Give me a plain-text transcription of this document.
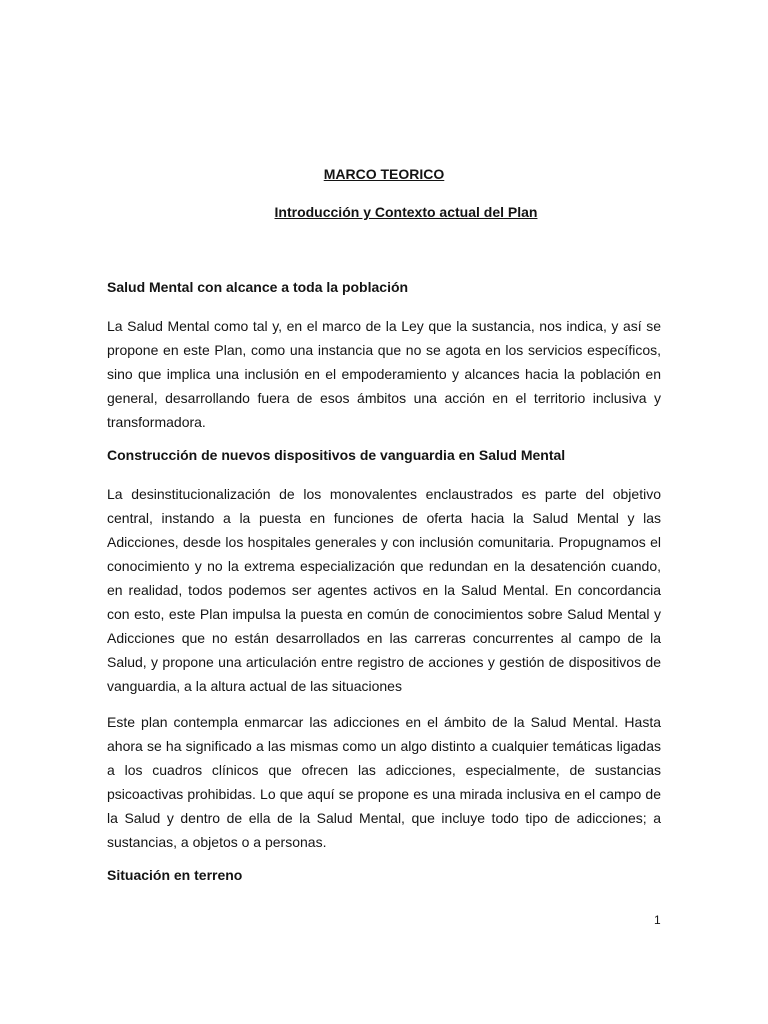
MARCO TEORICO
Introducción y Contexto actual del Plan
Salud Mental con alcance a toda la población

La Salud Mental como tal y, en el marco de la Ley que la sustancia, nos indica, y así se propone en este Plan, como una instancia que no se agota en los servicios específicos, sino que implica una inclusión en el empoderamiento y alcances hacia la población en general, desarrollando fuera de esos ámbitos una acción en el territorio inclusiva y transformadora.

Construcción de nuevos dispositivos de vanguardia en Salud Mental

La desinstitucionalización de los monovalentes enclaustrados es parte del objetivo central, instando a la puesta en funciones de oferta hacia la Salud Mental y las Adicciones, desde los hospitales generales y con inclusión comunitaria. Propugnamos el conocimiento y no la extrema especialización que redundan en la desatención cuando, en realidad, todos podemos ser agentes activos en la Salud Mental. En concordancia con esto, este Plan impulsa la puesta en común de conocimientos sobre Salud Mental y Adicciones que no están desarrollados en las carreras concurrentes al campo de la Salud, y propone una articulación entre registro de acciones y gestión de dispositivos de vanguardia, a la altura actual de las situaciones

Este plan contempla enmarcar las adicciones en el ámbito de la Salud Mental. Hasta ahora se ha significado a las mismas como un algo distinto a cualquier temáticas ligadas a los cuadros clínicos que ofrecen las adicciones, especialmente, de sustancias psicoactivas prohibidas. Lo que aquí se propone es una mirada inclusiva en el campo de la Salud y dentro de ella de la Salud Mental, que incluye todo tipo de adicciones; a sustancias, a objetos o a personas.

Situación en terreno
1
